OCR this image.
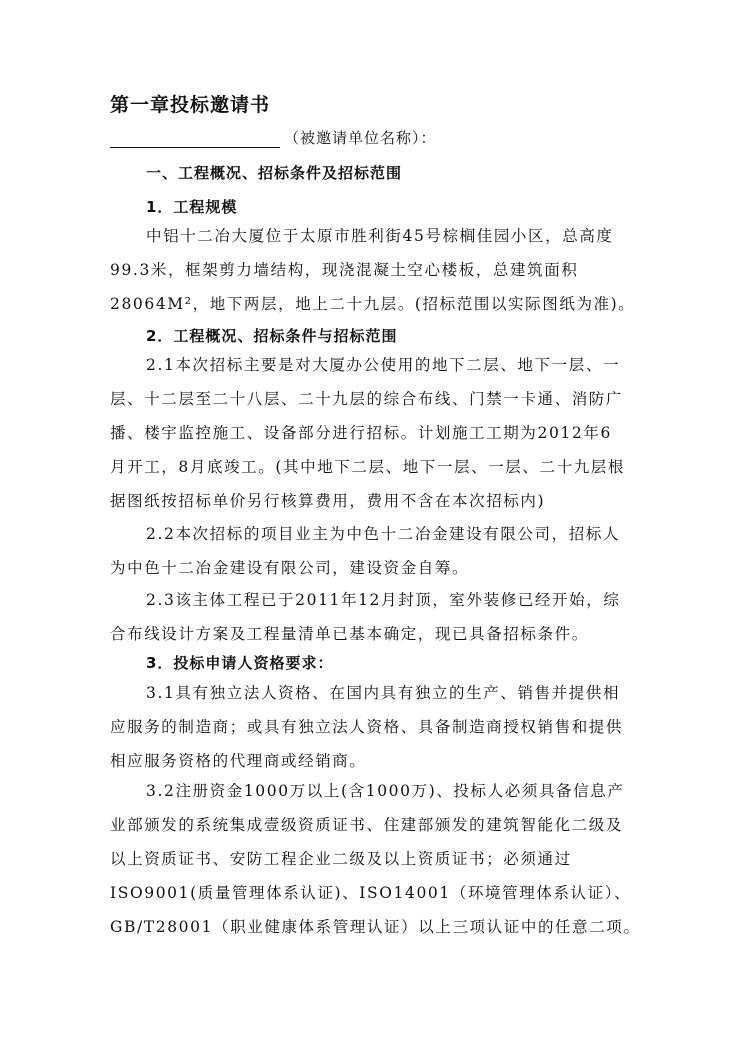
第一章投标邀请书
（被邀请单位名称）：
一、工程概况、招标条件及招标范围
1．工程规模
中铝十二冶大厦位于太原市胜利街45号棕榈佳园小区，总高度
99.3米，框架剪力墙结构，现浇混凝土空心楼板，总建筑面积
28064M²，地下两层，地上二十九层。(招标范围以实际图纸为准)。
2．工程概况、招标条件与招标范围
2.1本次招标主要是对大厦办公使用的地下二层、地下一层、一
层、十二层至二十八层、二十九层的综合布线、门禁一卡通、消防广
播、楼宇监控施工、设备部分进行招标。计划施工工期为2012年6
月开工，8月底竣工。(其中地下二层、地下一层、一层、二十九层根
据图纸按招标单价另行核算费用，费用不含在本次招标内)
2.2本次招标的项目业主为中色十二冶金建设有限公司，招标人
为中色十二冶金建设有限公司，建设资金自筹。
2.3该主体工程已于2011年12月封顶，室外装修已经开始，综
合布线设计方案及工程量清单已基本确定，现已具备招标条件。
3．投标申请人资格要求：
3.1具有独立法人资格、在国内具有独立的生产、销售并提供相
应服务的制造商；或具有独立法人资格、具备制造商授权销售和提供
相应服务资格的代理商或经销商。
3.2注册资金1000万以上(含1000万)、投标人必须具备信息产
业部颁发的系统集成壹级资质证书、住建部颁发的建筑智能化二级及
以上资质证书、安防工程企业二级及以上资质证书；必须通过
ISO9001(质量管理体系认证)、ISO14001（环境管理体系认证）、
GB/T28001（职业健康体系管理认证）以上三项认证中的任意二项。
